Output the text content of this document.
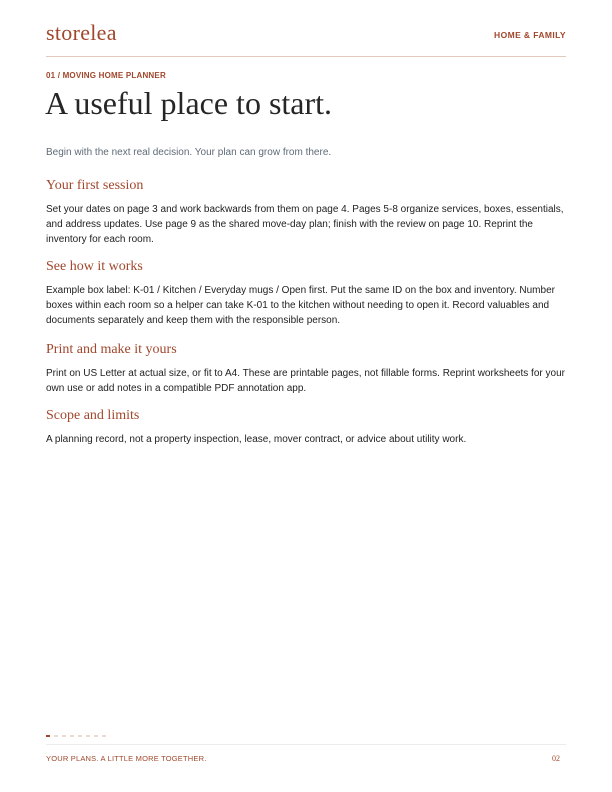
storelea	HOME & FAMILY
01 / MOVING HOME PLANNER
A useful place to start.
Begin with the next real decision. Your plan can grow from there.
Your first session

Set your dates on page 3 and work backwards from them on page 4. Pages 5-8 organize services, boxes, essentials, and address updates. Use page 9 as the shared move-day plan; finish with the review on page 10. Reprint the inventory for each room.

See how it works

Example box label: K-01 / Kitchen / Everyday mugs / Open first. Put the same ID on the box and inventory. Number boxes within each room so a helper can take K-01 to the kitchen without needing to open it. Record valuables and documents separately and keep them with the responsible person.

Print and make it yours

Print on US Letter at actual size, or fit to A4. These are printable pages, not fillable forms. Reprint worksheets for your own use or add notes in a compatible PDF annotation app.

Scope and limits

A planning record, not a property inspection, lease, mover contract, or advice about utility work.

YOUR PLANS. A LITTLE MORE TOGETHER.	02
